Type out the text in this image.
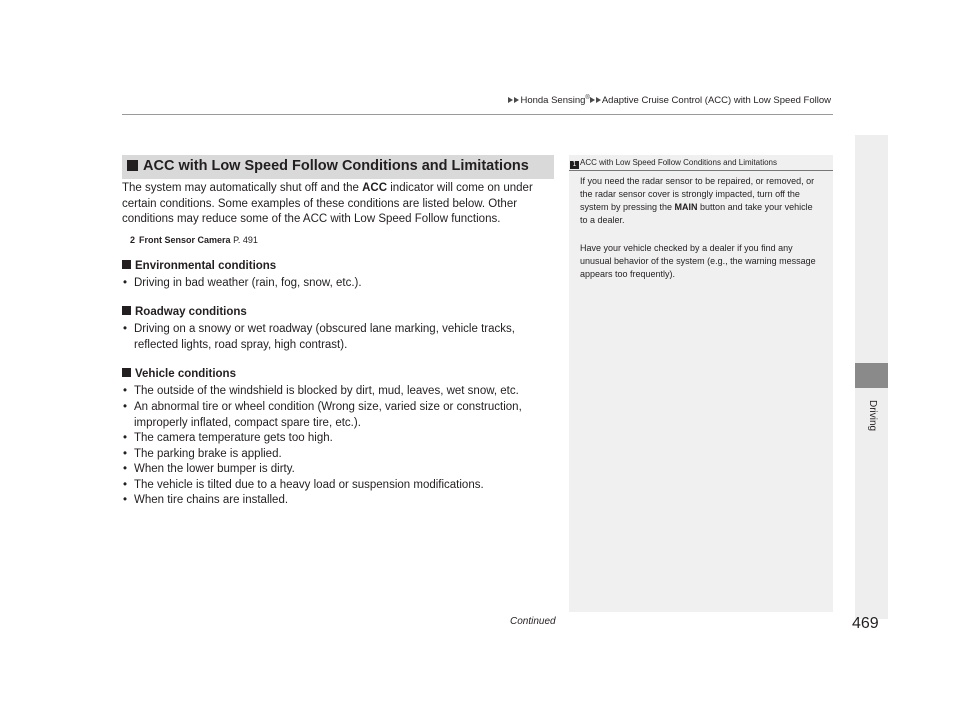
Honda Sensing® Adaptive Cruise Control (ACC) with Low Speed Follow
Driving
ACC with Low Speed Follow Conditions and Limitations
The system may automatically shut off and the ACC indicator will come on under certain conditions. Some examples of these conditions are listed below. Other conditions may reduce some of the ACC with Low Speed Follow functions.
2 Front Sensor Camera P. 491
Environmental conditions
• Driving in bad weather (rain, fog, snow, etc.).
Roadway conditions
• Driving on a snowy or wet roadway (obscured lane marking, vehicle tracks, reflected lights, road spray, high contrast).
Vehicle conditions
• The outside of the windshield is blocked by dirt, mud, leaves, wet snow, etc.
• An abnormal tire or wheel condition (Wrong size, varied size or construction, improperly inflated, compact spare tire, etc.).
• The camera temperature gets too high.
• The parking brake is applied.
• When the lower bumper is dirty.
• The vehicle is tilted due to a heavy load or suspension modifications.
• When tire chains are installed.
1 ACC with Low Speed Follow Conditions and Limitations
If you need the radar sensor to be repaired, or removed, or the radar sensor cover is strongly impacted, turn off the system by pressing the MAIN button and take your vehicle to a dealer.
Have your vehicle checked by a dealer if you find any unusual behavior of the system (e.g., the warning message appears too frequently).
Continued	469
